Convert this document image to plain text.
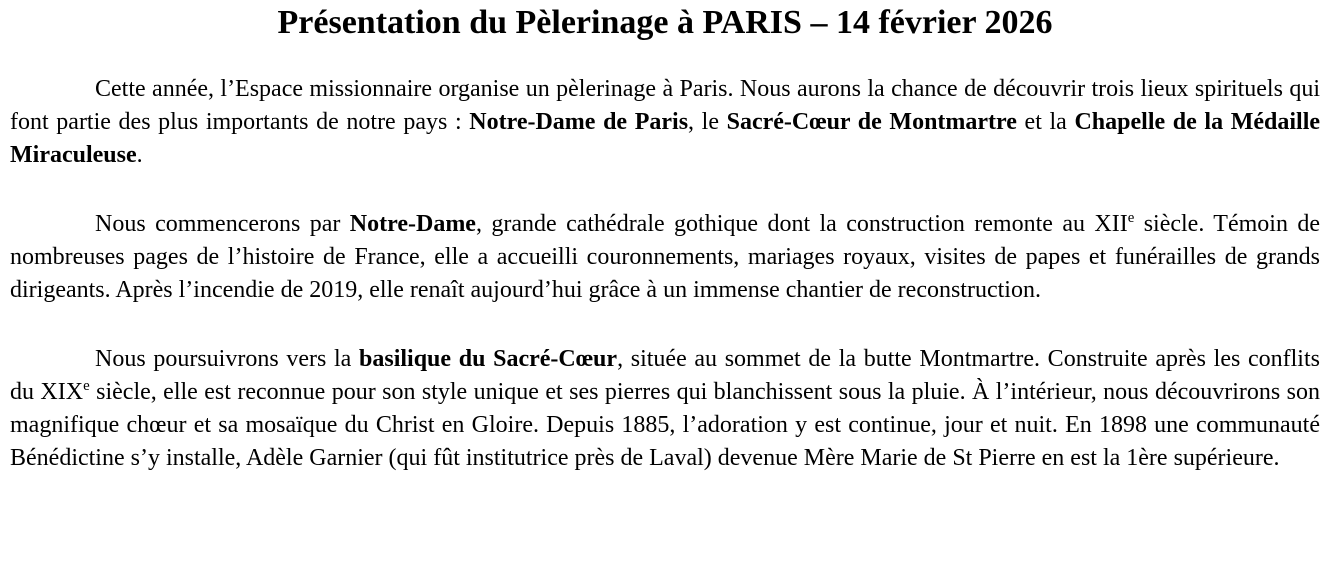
Présentation du Pèlerinage à PARIS – 14 février 2026

Cette année, l’Espace missionnaire organise un pèlerinage à Paris. Nous aurons la chance de découvrir trois lieux spirituels qui font partie des plus importants de notre pays : Notre-Dame de Paris, le Sacré-Cœur de Montmartre et la Chapelle de la Médaille Miraculeuse.

Nous commencerons par Notre-Dame, grande cathédrale gothique dont la construction remonte au XIIe siècle. Témoin de nombreuses pages de l’histoire de France, elle a accueilli couronnements, mariages royaux, visites de papes et funérailles de grands dirigeants. Après l’incendie de 2019, elle renaît aujourd’hui grâce à un immense chantier de reconstruction.

Nous poursuivrons vers la basilique du Sacré-Cœur, située au sommet de la butte Montmartre. Construite après les conflits du XIXe siècle, elle est reconnue pour son style unique et ses pierres qui blanchissent sous la pluie. À l’intérieur, nous découvrirons son magnifique chœur et sa mosaïque du Christ en Gloire. Depuis 1885, l’adoration y est continue, jour et nuit. En 1898 une communauté Bénédictine s’y installe, Adèle Garnier (qui fût institutrice près de Laval) devenue Mère Marie de St Pierre en est la 1ère supérieure.
